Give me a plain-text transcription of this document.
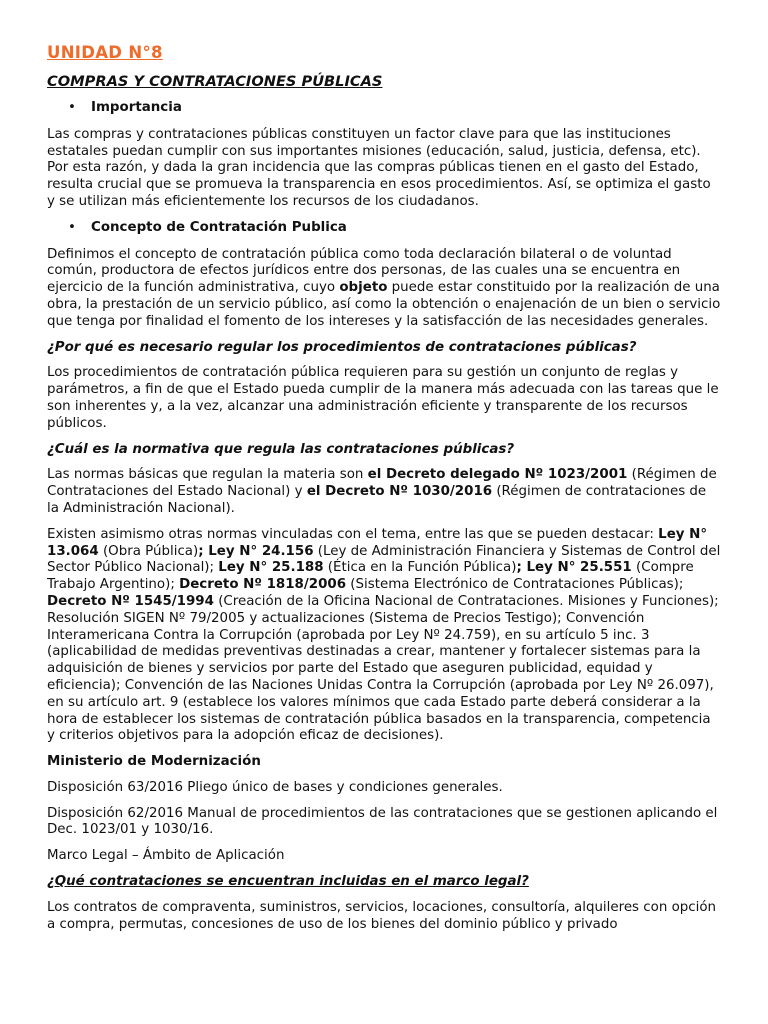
UNIDAD N°8
COMPRAS Y CONTRATACIONES PÚBLICAS
•	Importancia

Las compras y contrataciones públicas constituyen un factor clave para que las instituciones estatales puedan cumplir con sus importantes misiones (educación, salud, justicia, defensa, etc). Por esta razón, y dada la gran incidencia que las compras públicas tienen en el gasto del Estado, resulta crucial que se promueva la transparencia en esos procedimientos. Así, se optimiza el gasto y se utilizan más eficientemente los recursos de los ciudadanos.

•	Concepto de Contratación Publica

Definimos el concepto de contratación pública como toda declaración bilateral o de voluntad común, productora de efectos jurídicos entre dos personas, de las cuales una se encuentra en ejercicio de la función administrativa, cuyo objeto puede estar constituido por la realización de una obra, la prestación de un servicio público, así como la obtención o enajenación de un bien o servicio que tenga por finalidad el fomento de los intereses y la satisfacción de las necesidades generales.

¿Por qué es necesario regular los procedimientos de contrataciones públicas?

Los procedimientos de contratación pública requieren para su gestión un conjunto de reglas y parámetros, a fin de que el Estado pueda cumplir de la manera más adecuada con las tareas que le son inherentes y, a la vez, alcanzar una administración eficiente y transparente de los recursos públicos.

¿Cuál es la normativa que regula las contrataciones públicas?

Las normas básicas que regulan la materia son el Decreto delegado Nº 1023/2001 (Régimen de Contrataciones del Estado Nacional) y el Decreto Nº 1030/2016 (Régimen de contrataciones de la Administración Nacional).

Existen asimismo otras normas vinculadas con el tema, entre las que se pueden destacar: Ley N° 13.064 (Obra Pública); Ley N° 24.156 (Ley de Administración Financiera y Sistemas de Control del Sector Público Nacional); Ley N° 25.188 (Ética en la Función Pública); Ley N° 25.551 (Compre Trabajo Argentino); Decreto Nº 1818/2006 (Sistema Electrónico de Contrataciones Públicas); Decreto Nº 1545/1994 (Creación de la Oficina Nacional de Contrataciones. Misiones y Funciones); Resolución SIGEN Nº 79/2005 y actualizaciones (Sistema de Precios Testigo); Convención Interamericana Contra la Corrupción (aprobada por Ley Nº 24.759), en su artículo 5 inc. 3 (aplicabilidad de medidas preventivas destinadas a crear, mantener y fortalecer sistemas para la adquisición de bienes y servicios por parte del Estado que aseguren publicidad, equidad y eficiencia); Convención de las Naciones Unidas Contra la Corrupción (aprobada por Ley Nº 26.097), en su artículo art. 9 (establece los valores mínimos que cada Estado parte deberá considerar a la hora de establecer los sistemas de contratación pública basados en la transparencia, competencia y criterios objetivos para la adopción eficaz de decisiones).

Ministerio de Modernización

Disposición 63/2016 Pliego único de bases y condiciones generales.

Disposición 62/2016 Manual de procedimientos de las contrataciones que se gestionen aplicando el Dec. 1023/01 y 1030/16.

Marco Legal – Ámbito de Aplicación

¿Qué contrataciones se encuentran incluidas en el marco legal?

Los contratos de compraventa, suministros, servicios, locaciones, consultoría, alquileres con opción a compra, permutas, concesiones de uso de los bienes del dominio público y privado
